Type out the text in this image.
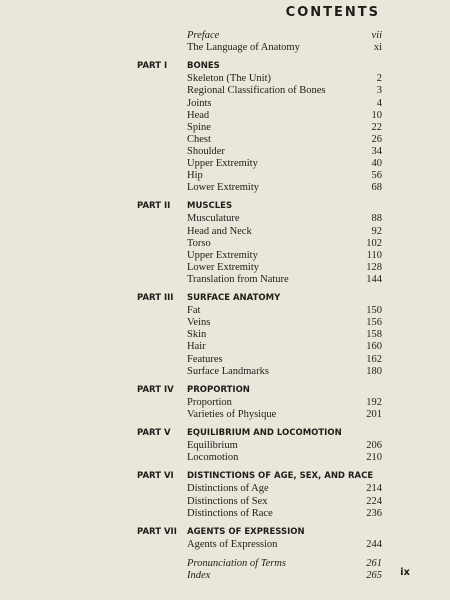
CONTENTS
ix
Preface	vii
The Language of Anatomy	xi
PART I BONES
Skeleton (The Unit)	2
Regional Classification of Bones	3
Joints	4
Head	10
Spine	22
Chest	26
Shoulder	34
Upper Extremity	40
Hip	56
Lower Extremity	68
PART II MUSCLES
Musculature	88
Head and Neck	92
Torso	102
Upper Extremity	110
Lower Extremity	128
Translation from Nature	144
PART III SURFACE ANATOMY
Fat	150
Veins	156
Skin	158
Hair	160
Features	162
Surface Landmarks	180
PART IV PROPORTION
Proportion	192
Varieties of Physique	201
PART V EQUILIBRIUM AND LOCOMOTION
Equilibrium	206
Locomotion	210
PART VI DISTINCTIONS OF AGE, SEX, AND RACE
Distinctions of Age	214
Distinctions of Sex	224
Distinctions of Race	236
PART VII AGENTS OF EXPRESSION
Agents of Expression	244
Pronunciation of Terms	261
Index	265
